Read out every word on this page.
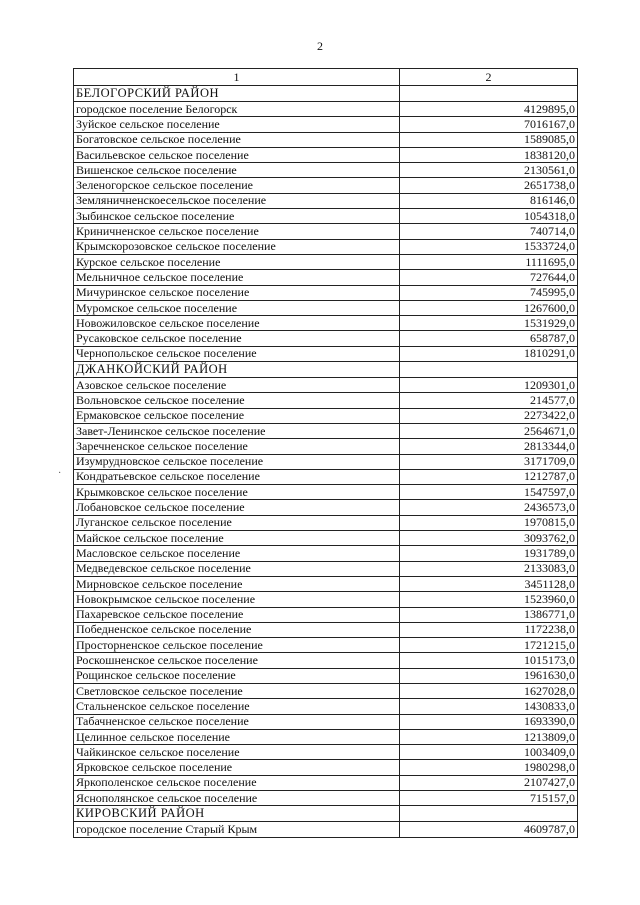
2
1	2
БЕЛОГОРСКИЙ РАЙОН	
городское поселение Белогорск	4129895,0
Зуйское сельское поселение	7016167,0
Богатовское сельское поселение	1589085,0
Васильевское сельское поселение	1838120,0
Вишенское сельское поселение	2130561,0
Зеленогорское сельское поселение	2651738,0
Земляничненскоесельское поселение	816146,0
Зыбинское сельское поселение	1054318,0
Криничненское сельское поселение	740714,0
Крымскорозовское сельское поселение	1533724,0
Курское сельское поселение	1111695,0
Мельничное сельское поселение	727644,0
Мичуринское сельское поселение	745995,0
Муромское сельское поселение	1267600,0
Новожиловское сельское поселение	1531929,0
Русаковское сельское поселение	658787,0
Чернопольское сельское поселение	1810291,0
ДЖАНКОЙСКИЙ РАЙОН	
Азовское сельское поселение	1209301,0
Вольновское сельское поселение	214577,0
Ермаковское сельское поселение	2273422,0
Завет-Ленинское сельское поселение	2564671,0
Заречненское сельское поселение	2813344,0
Изумрудновское сельское поселение	3171709,0
Кондратьевское сельское поселение	1212787,0
Крымковское сельское поселение	1547597,0
Лобановское сельское поселение	2436573,0
Луганское сельское поселение	1970815,0
Майское сельское поселение	3093762,0
Масловское сельское поселение	1931789,0
Медведевское сельское поселение	2133083,0
Мирновское сельское поселение	3451128,0
Новокрымское сельское поселение	1523960,0
Пахаревское сельское поселение	1386771,0
Победненское сельское поселение	1172238,0
Просторненское сельское поселение	1721215,0
Роскошненское сельское поселение	1015173,0
Рощинское сельское поселение	1961630,0
Светловское сельское поселение	1627028,0
Стальненское сельское поселение	1430833,0
Табачненское сельское поселение	1693390,0
Целинное сельское поселение	1213809,0
Чайкинское сельское поселение	1003409,0
Ярковское сельское поселение	1980298,0
Яркополенское сельское поселение	2107427,0
Яснополянское сельское поселение	715157,0
КИРОВСКИЙ РАЙОН	
городское поселение Старый Крым	4609787,0
·
